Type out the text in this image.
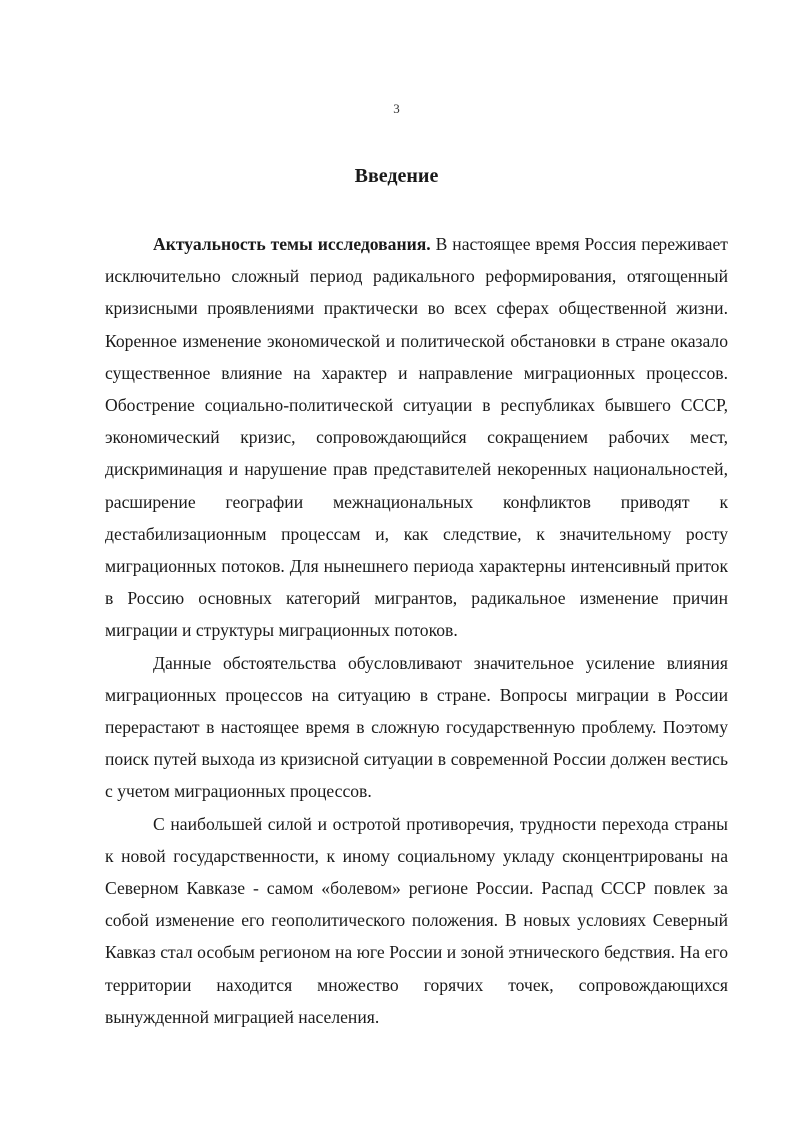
3
Введение

Актуальность темы исследования. В настоящее время Россия переживает исключительно сложный период радикального реформирования, отягощенный кризисными проявлениями практически во всех сферах общественной жизни. Коренное изменение экономической и политической обстановки в стране оказало существенное влияние на характер и направление миграционных процессов. Обострение социально-политической ситуации в республиках бывшего СССР, экономический кризис, сопровождающийся сокращением рабочих мест, дискриминация и нарушение прав представителей некоренных национальностей, расширение географии межнациональных конфликтов приводят к дестабилизационным процессам и, как следствие, к значительному росту миграционных потоков. Для нынешнего периода характерны интенсивный приток в Россию основных категорий мигрантов, радикальное изменение причин миграции и структуры миграционных потоков.

Данные обстоятельства обусловливают значительное усиление влияния миграционных процессов на ситуацию в стране. Вопросы миграции в России перерастают в настоящее время в сложную государственную проблему. Поэтому поиск путей выхода из кризисной ситуации в современной России должен вестись с учетом миграционных процессов.

С наибольшей силой и остротой противоречия, трудности перехода страны к новой государственности, к иному социальному укладу сконцентрированы на Северном Кавказе - самом «болевом» регионе России. Распад СССР повлек за собой изменение его геополитического положения. В новых условиях Северный Кавказ стал особым регионом на юге России и зоной этнического бедствия. На его территории находится множество горячих точек, сопровождающихся вынужденной миграцией населения.
